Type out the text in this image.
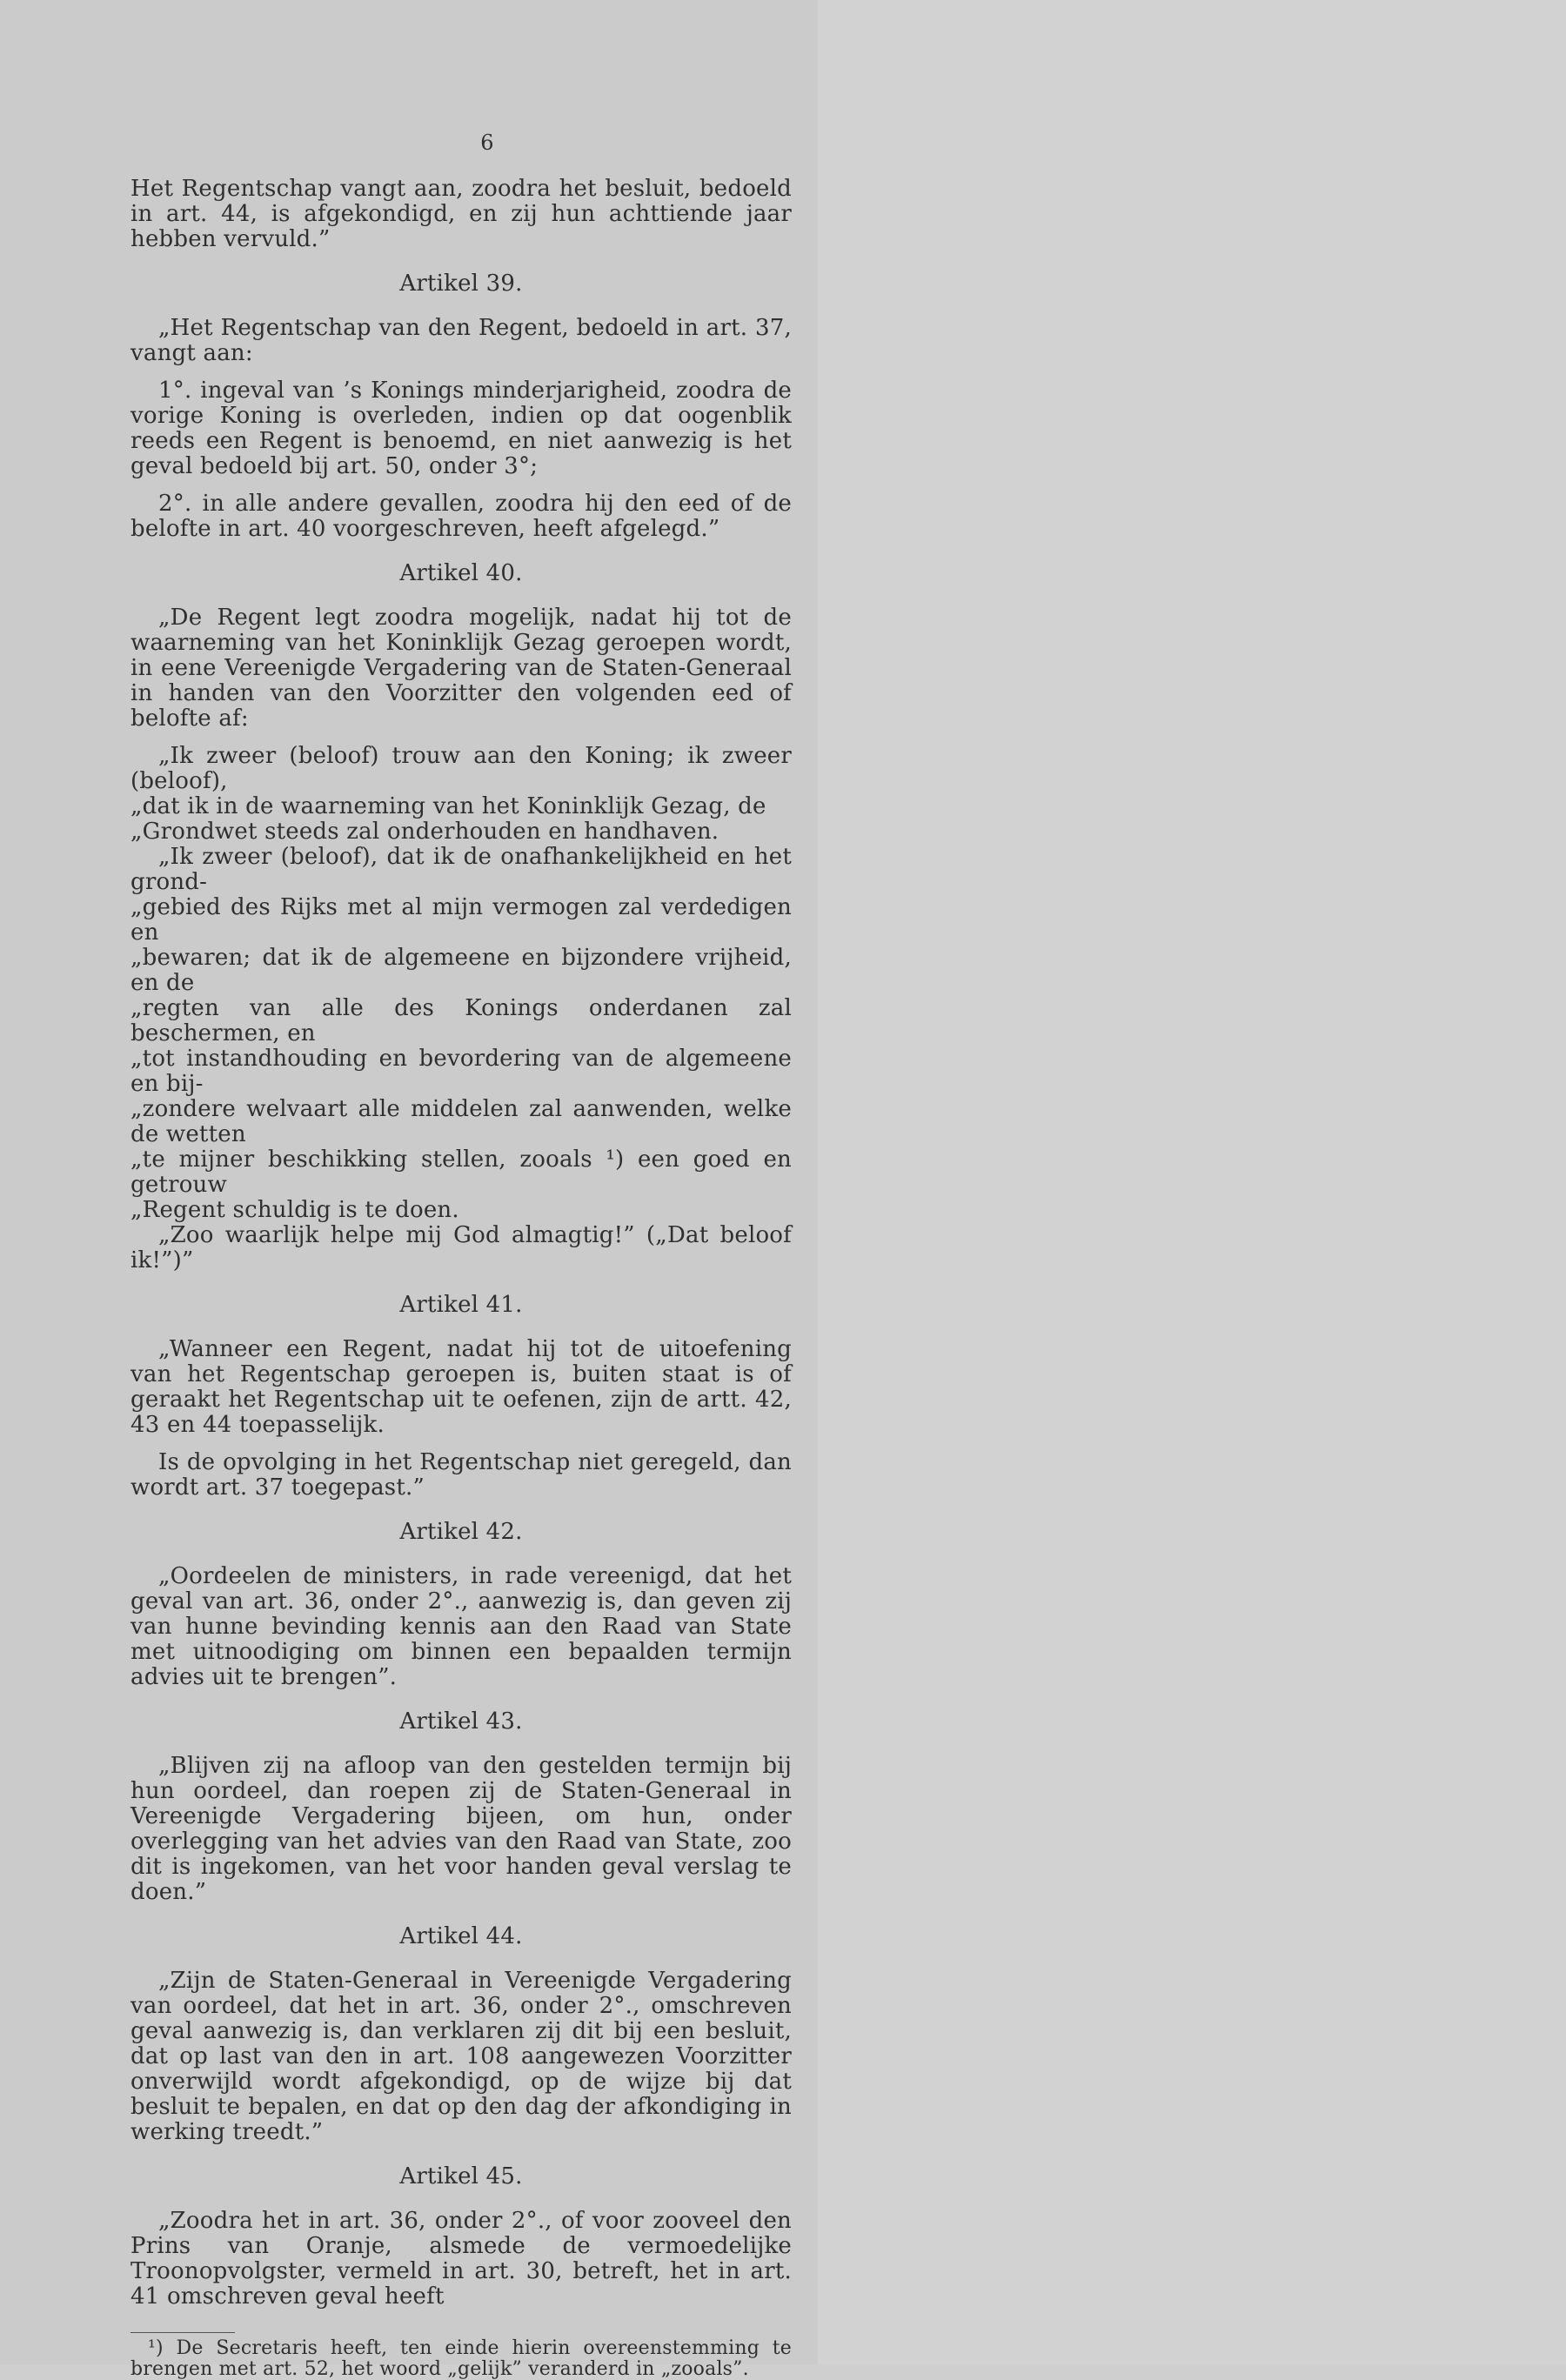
6

Het Regentschap vangt aan, zoodra het besluit, bedoeld in art. 44, is afgekondigd, en zij hun achttiende jaar hebben vervuld.”

Artikel 39.

„Het Regentschap van den Regent, bedoeld in art. 37, vangt aan:

1°. ingeval van ’s Konings minderjarigheid, zoodra de vorige Koning is overleden, indien op dat oogenblik reeds een Regent is benoemd, en niet aanwezig is het geval bedoeld bij art. 50, onder 3°;

2°. in alle andere gevallen, zoodra hij den eed of de belofte in art. 40 voorgeschreven, heeft afgelegd.”

Artikel 40.

„De Regent legt zoodra mogelijk, nadat hij tot de waarneming van het Koninklijk Gezag geroepen wordt, in eene Vereenigde Vergadering van de Staten-Generaal in handen van den Voorzitter den volgenden eed of belofte af:

„Ik zweer (beloof) trouw aan den Koning; ik zweer (beloof),
„dat ik in de waarneming van het Koninklijk Gezag, de
„Grondwet steeds zal onderhouden en handhaven.
„Ik zweer (beloof), dat ik de onafhankelijkheid en het grond-
„gebied des Rijks met al mijn vermogen zal verdedigen en
„bewaren; dat ik de algemeene en bijzondere vrijheid, en de
„regten van alle des Konings onderdanen zal beschermen, en
„tot instandhouding en bevordering van de algemeene en bij-
„zondere welvaart alle middelen zal aanwenden, welke de wetten
„te mijner beschikking stellen, zooals ¹) een goed en getrouw
„Regent schuldig is te doen.
„Zoo waarlijk helpe mij God almagtig!” („Dat beloof ik!”)”
Artikel 41.

„Wanneer een Regent, nadat hij tot de uitoefening van het Regentschap geroepen is, buiten staat is of geraakt het Regentschap uit te oefenen, zijn de artt. 42, 43 en 44 toepasselijk.

Is de opvolging in het Regentschap niet geregeld, dan wordt art. 37 toegepast.”

Artikel 42.

„Oordeelen de ministers, in rade vereenigd, dat het geval van art. 36, onder 2°., aanwezig is, dan geven zij van hunne bevinding kennis aan den Raad van State met uitnoodiging om binnen een bepaalden termijn advies uit te brengen”.

Artikel 43.

„Blijven zij na afloop van den gestelden termijn bij hun oordeel, dan roepen zij de Staten-Generaal in Vereenigde Vergadering bijeen, om hun, onder overlegging van het advies van den Raad van State, zoo dit is ingekomen, van het voor handen geval verslag te doen.”

Artikel 44.

„Zijn de Staten-Generaal in Vereenigde Vergadering van oordeel, dat het in art. 36, onder 2°., omschreven geval aanwezig is, dan verklaren zij dit bij een besluit, dat op last van den in art. 108 aangewezen Voorzitter onverwijld wordt afgekondigd, op de wijze bij dat besluit te bepalen, en dat op den dag der afkondiging in werking treedt.”

Artikel 45.

„Zoodra het in art. 36, onder 2°., of voor zooveel den Prins van Oranje, alsmede de vermoedelijke Troonopvolgster, vermeld in art. 30, betreft, het in art. 41 omschreven geval heeft

¹) De Secretaris heeft, ten einde hierin overeenstemming te brengen met art. 52, het woord „gelijk” veranderd in „zooals”.
